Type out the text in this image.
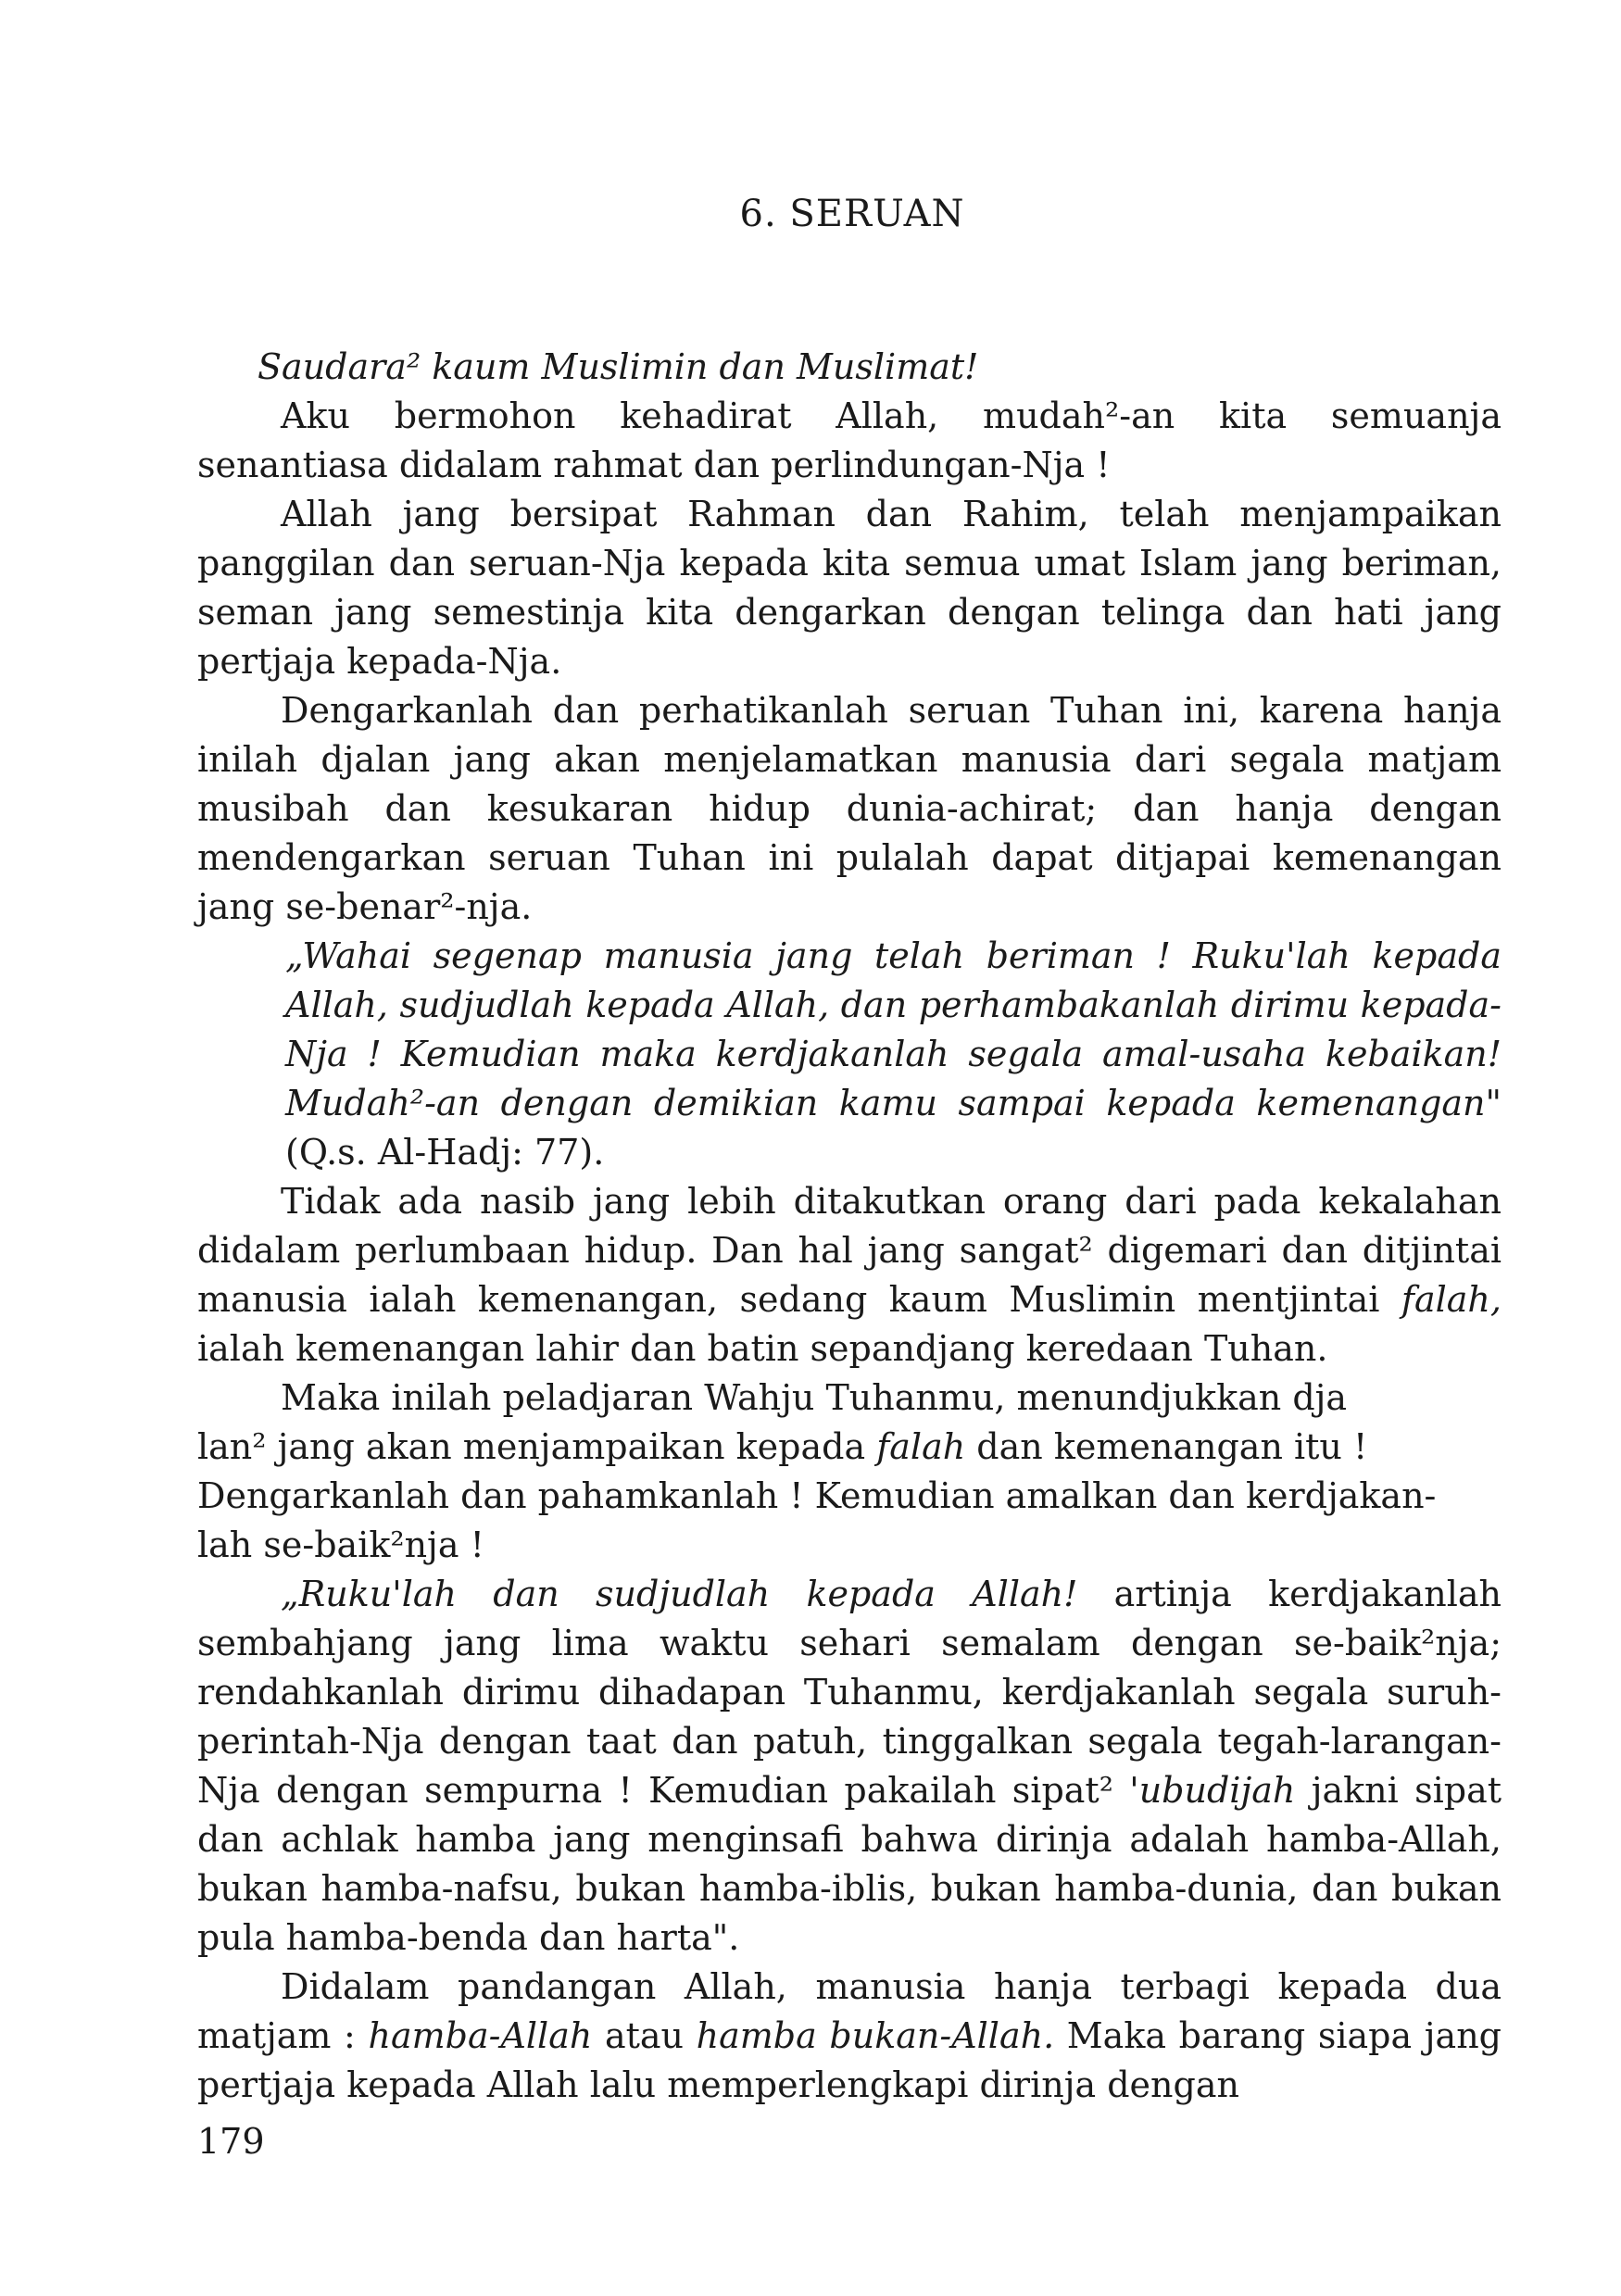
6. SERUAN

Saudara² kaum Muslimin dan Muslimat!

Aku bermohon kehadirat Allah, mudah²-an kita semuanja senantiasa didalam rahmat dan perlindungan-Nja !

Allah jang bersipat Rahman dan Rahim, telah menjampaikan panggilan dan seruan-Nja kepada kita semua umat Islam jang beriman, seman jang semestinja kita dengarkan dengan telinga dan hati jang pertjaja kepada-Nja.

Dengarkanlah dan perhatikanlah seruan Tuhan ini, karena hanja inilah djalan jang akan menjelamatkan manusia dari segala matjam musibah dan kesukaran hidup dunia-achirat; dan hanja dengan mendengarkan seruan Tuhan ini pulalah dapat ditjapai kemenangan jang se-benar²-nja.

„Wahai segenap manusia jang telah beriman ! Ruku'lah kepada Allah, sudjudlah kepada Allah, dan perhambakanlah dirimu kepada-Nja ! Kemudian maka kerdjakanlah segala amal-usaha kebaikan! Mudah²-an dengan demikian kamu sampai kepada kemenangan" (Q.s. Al-Hadj: 77).

Tidak ada nasib jang lebih ditakutkan orang dari pada kekalahan didalam perlumbaan hidup. Dan hal jang sangat² digemari dan ditjintai manusia ialah kemenangan, sedang kaum Muslimin mentjintai falah, ialah kemenangan lahir dan batin sepandjang keredaan Tuhan.

Maka inilah peladjaran Wahju Tuhanmu, menundjukkan dja

lan² jang akan menjampaikan kepada falah dan kemenangan itu !

Dengarkanlah dan pahamkanlah ! Kemudian amalkan dan kerdjakan-

lah se-baik²nja !

„Ruku'lah dan sudjudlah kepada Allah! artinja kerdjakanlah sembahjang jang lima waktu sehari semalam dengan se-baik²nja; rendahkanlah dirimu dihadapan Tuhanmu, kerdjakanlah segala suruh-perintah-Nja dengan taat dan patuh, tinggalkan segala tegah-larangan-Nja dengan sempurna ! Kemudian pakailah sipat² 'ubudijah jakni sipat dan achlak hamba jang menginsafi bahwa dirinja adalah hamba-Allah, bukan hamba-nafsu, bukan hamba-iblis, bukan hamba-dunia, dan bukan pula hamba-benda dan harta".

Didalam pandangan Allah, manusia hanja terbagi kepada dua matjam : hamba-Allah atau hamba bukan-Allah. Maka barang siapa jang pertjaja kepada Allah lalu memperlengkapi dirinja dengan

179
